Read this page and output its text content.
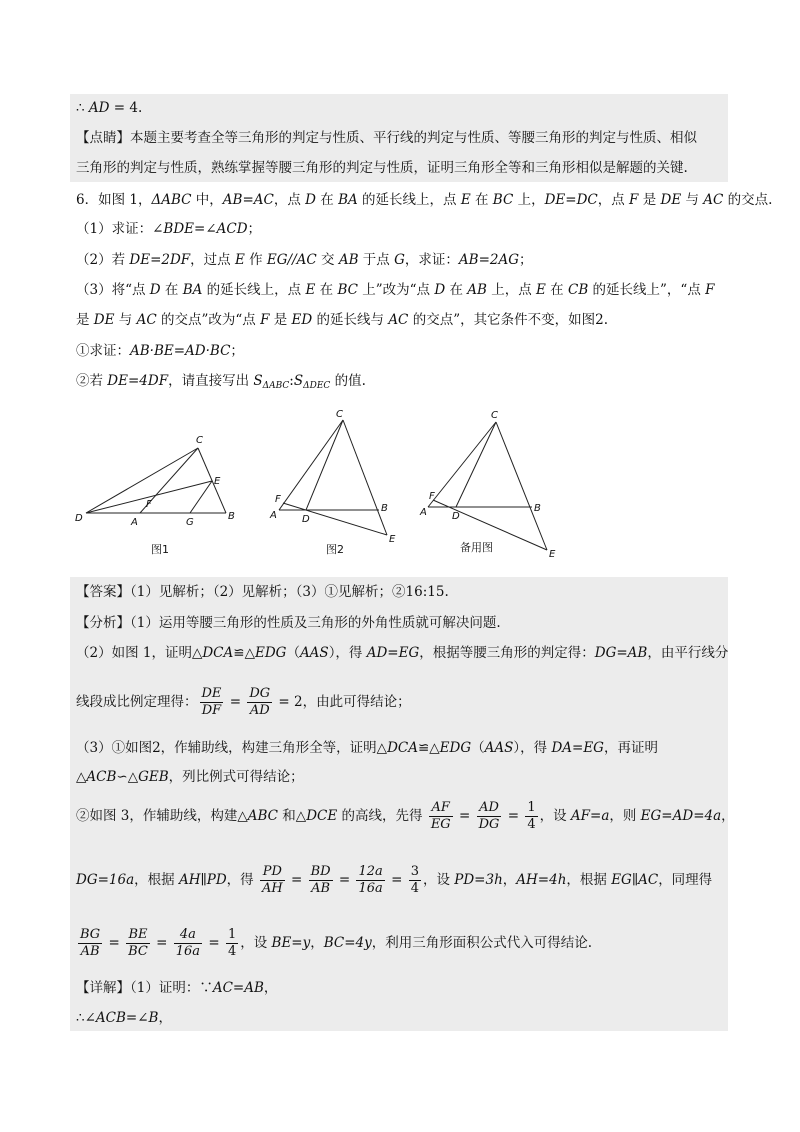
∴ AD = 4.
【点睛】本题主要考查全等三角形的判定与性质、平行线的判定与性质、等腰三角形的判定与性质、相似
三角形的判定与性质，熟练掌握等腰三角形的判定与性质，证明三角形全等和三角形相似是解题的关键.
6．如图 1，ΔABC 中，AB=AC，点 D 在 BA 的延长线上，点 E 在 BC 上，DE=DC，点 F 是 DE 与 AC 的交点.
（1）求证：∠BDE=∠ACD；
（2）若 DE=2DF，过点 E 作 EG//AC 交 AB 于点 G，求证：AB=2AG；
（3）将“点 D 在 BA 的延长线上，点 E 在 BC 上”改为“点 D 在 AB 上，点 E 在 CB 的延长线上”，“点 F
是 DE 与 AC 的交点”改为“点 F 是 ED 的延长线与 AC 的交点”，其它条件不变，如图2.
①求证：AB·BE=AD·BC；
②若 DE=4DF，请直接写出 $S_{\Delta ABC}:S_{\Delta DEC}$ 的值.
C
E
F
D	A	G
B
图1
C
F
A	D
B
E
图2
C
F
A	D
B
E
备用图
【答案】（1）见解析；（2）见解析；（3）①见解析；②16:15.
【分析】（1）运用等腰三角形的性质及三角形的外角性质就可解决问题.
（2）如图 1，证明△DCA≌△EDG（AAS），得 AD=EG，根据等腰三角形的判定得：DG=AB，由平行线分
线段成比例定理得： $\frac{DE}{DF} = \frac{DG}{AD} = 2$，由此可得结论；
（3）①如图2，作辅助线，构建三角形全等，证明△DCA≌△EDG（AAS），得 DA=EG，再证明
△ACB∽△GEB，列比例式可得结论；
②如图 3，作辅助线，构建△ABC 和△DCE 的高线，先得 $\frac{AF}{EG} = \frac{AD}{DG} = \frac{1}{4}$ ，设 AF=a，则 EG=AD=4a，
DG=16a，根据 AH∥PD，得 $\frac{PD}{AH} = \frac{BD}{AB} = \frac{12a}{16a} = \frac{3}{4}$ ，设 PD=3h，AH=4h，根据 EG∥AC，同理得
$\frac{BG}{AB} = \frac{BE}{BC} = \frac{4a}{16a} = \frac{1}{4}$ ，设 BE=y，BC=4y，利用三角形面积公式代入可得结论.
【详解】（1）证明：∵AC=AB，
∴∠ACB=∠B，
